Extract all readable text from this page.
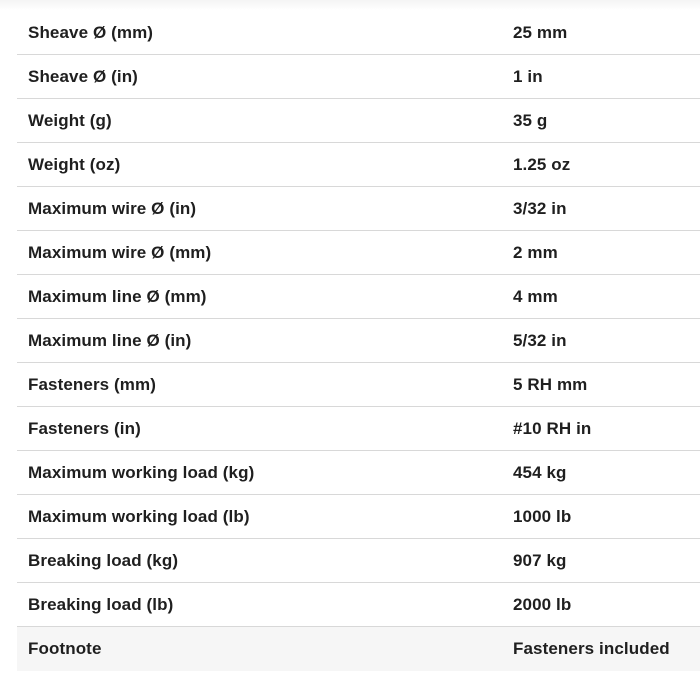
Sheave Ø (mm)	25 mm
Sheave Ø (in)	1 in
Weight (g)	35 g
Weight (oz)	1.25 oz
Maximum wire Ø (in)	3/32 in
Maximum wire Ø (mm)	2 mm
Maximum line Ø (mm)	4 mm
Maximum line Ø (in)	5/32 in
Fasteners (mm)	5 RH mm
Fasteners (in)	#10 RH in
Maximum working load (kg)	454 kg
Maximum working load (lb)	1000 lb
Breaking load (kg)	907 kg
Breaking load (lb)	2000 lb
Footnote	Fasteners included
